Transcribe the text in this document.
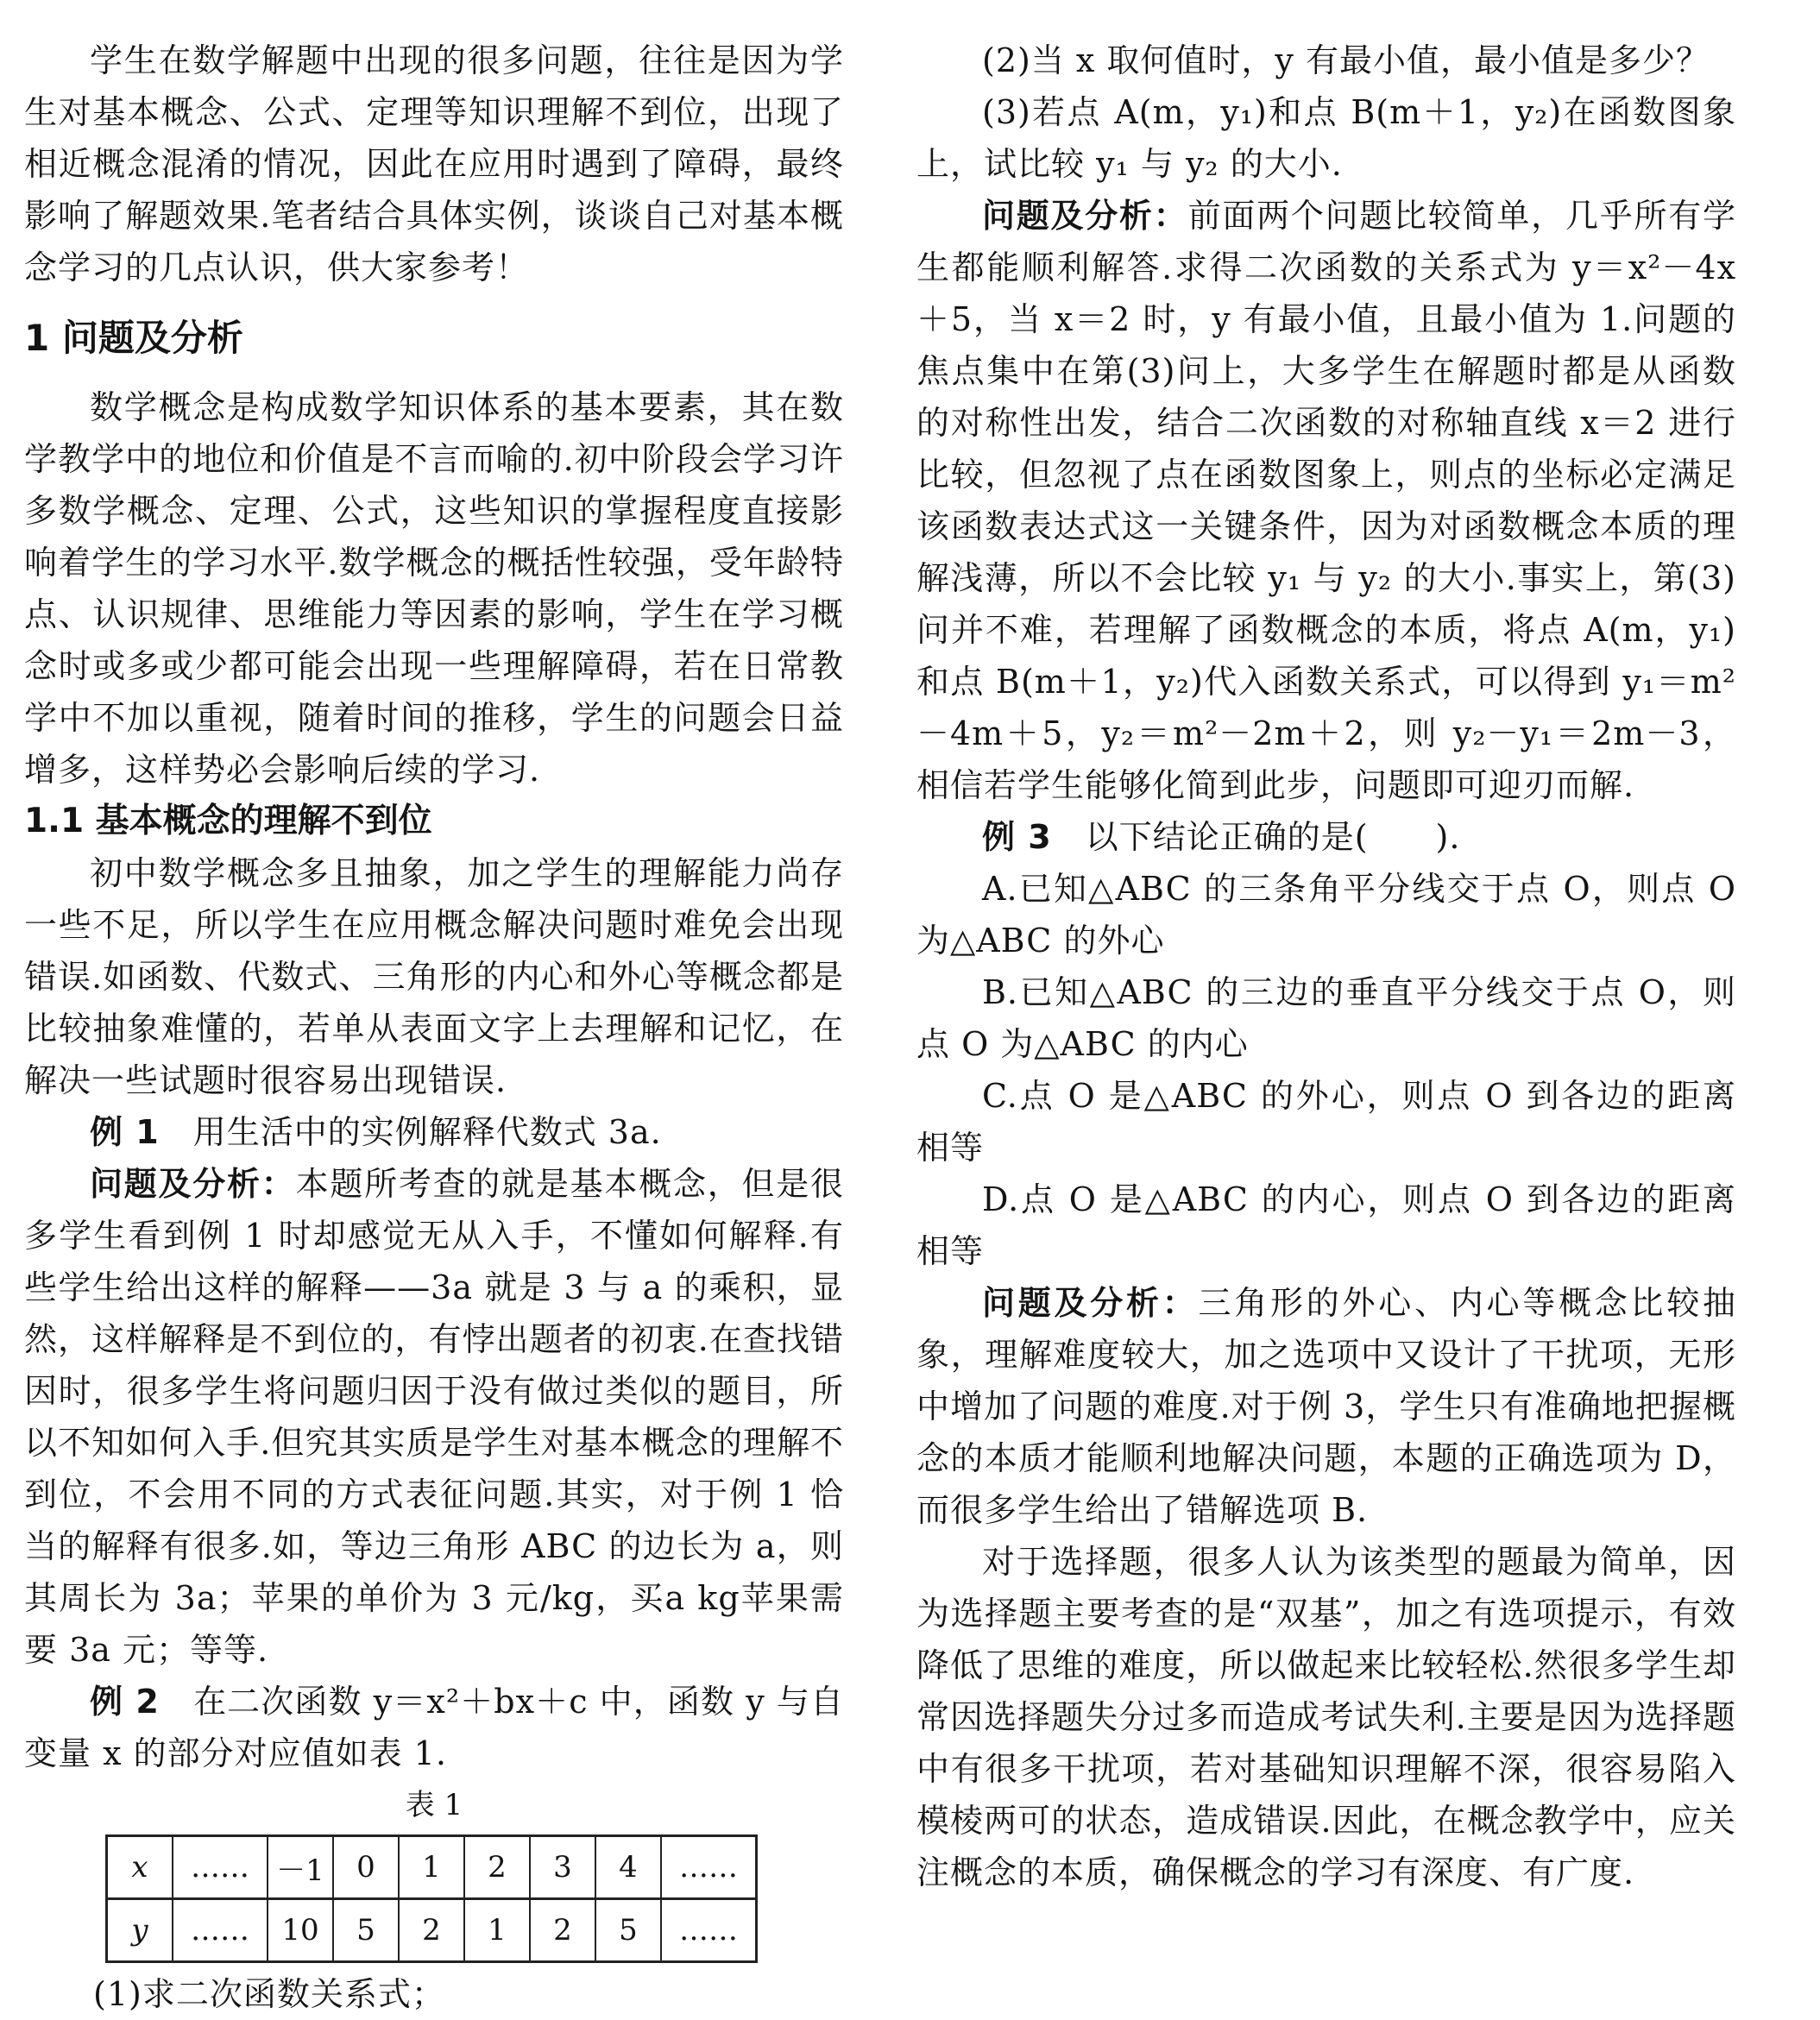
学生在数学解题中出现的很多问题，往往是因为学生对基本概念、公式、定理等知识理解不到位，出现了相近概念混淆的情况，因此在应用时遇到了障碍，最终影响了解题效果.笔者结合具体实例，谈谈自己对基本概念学习的几点认识，供大家参考！

1 问题及分析

数学概念是构成数学知识体系的基本要素，其在数学教学中的地位和价值是不言而喻的.初中阶段会学习许多数学概念、定理、公式，这些知识的掌握程度直接影响着学生的学习水平.数学概念的概括性较强，受年龄特点、认识规律、思维能力等因素的影响，学生在学习概念时或多或少都可能会出现一些理解障碍，若在日常教学中不加以重视，随着时间的推移，学生的问题会日益增多，这样势必会影响后续的学习.

1.1 基本概念的理解不到位

初中数学概念多且抽象，加之学生的理解能力尚存一些不足，所以学生在应用概念解决问题时难免会出现错误.如函数、代数式、三角形的内心和外心等概念都是比较抽象难懂的，若单从表面文字上去理解和记忆，在解决一些试题时很容易出现错误.

例 1　 用生活中的实例解释代数式 3a.

问题及分析：本题所考查的就是基本概念，但是很多学生看到例 1 时却感觉无从入手，不懂如何解释.有些学生给出这样的解释——3a 就是 3 与 a 的乘积，显然，这样解释是不到位的，有悖出题者的初衷.在查找错因时，很多学生将问题归因于没有做过类似的题目，所以不知如何入手.但究其实质是学生对基本概念的理解不到位，不会用不同的方式表征问题.其实，对于例 1 恰当的解释有很多.如，等边三角形 ABC 的边长为 a，则其周长为 3a；苹果的单价为 3 元/kg，买a kg苹果需要 3a 元；等等.

例 2　 在二次函数 y＝x²＋bx＋c 中，函数 y 与自变量 x 的部分对应值如表 1.

表 1

x	……	－1	0	1	2	3	4	……
y	……	10	5	2	1	2	5	……

(1)求二次函数关系式；

(2)当 x 取何值时，y 有最小值，最小值是多少？

(3)若点 A(m，y₁)和点 B(m＋1，y₂)在函数图象上，试比较 y₁ 与 y₂ 的大小.

问题及分析：前面两个问题比较简单，几乎所有学生都能顺利解答.求得二次函数的关系式为 y＝x²－4x＋5，当 x＝2 时，y 有最小值，且最小值为 1.问题的焦点集中在第(3)问上，大多学生在解题时都是从函数的对称性出发，结合二次函数的对称轴直线 x＝2 进行比较，但忽视了点在函数图象上，则点的坐标必定满足该函数表达式这一关键条件，因为对函数概念本质的理解浅薄，所以不会比较 y₁ 与 y₂ 的大小.事实上，第(3)问并不难，若理解了函数概念的本质，将点 A(m，y₁)和点 B(m＋1，y₂)代入函数关系式，可以得到 y₁＝m²－4m＋5，y₂＝m²－2m＋2，则 y₂－y₁＝2m－3，相信若学生能够化简到此步，问题即可迎刃而解.

例 3　 以下结论正确的是(　　).

A.已知△ABC 的三条角平分线交于点 O，则点 O 为△ABC 的外心

B.已知△ABC 的三边的垂直平分线交于点 O，则点 O 为△ABC 的内心

C.点 O 是△ABC 的外心，则点 O 到各边的距离相等

D.点 O 是△ABC 的内心，则点 O 到各边的距离相等

问题及分析：三角形的外心、内心等概念比较抽象，理解难度较大，加之选项中又设计了干扰项，无形中增加了问题的难度.对于例 3，学生只有准确地把握概念的本质才能顺利地解决问题，本题的正确选项为 D，而很多学生给出了错解选项 B.

对于选择题，很多人认为该类型的题最为简单，因为选择题主要考查的是“双基”，加之有选项提示，有效降低了思维的难度，所以做起来比较轻松.然很多学生却常因选择题失分过多而造成考试失利.主要是因为选择题中有很多干扰项，若对基础知识理解不深，很容易陷入模棱两可的状态，造成错误.因此，在概念教学中，应关注概念的本质，确保概念的学习有深度、有广度.
